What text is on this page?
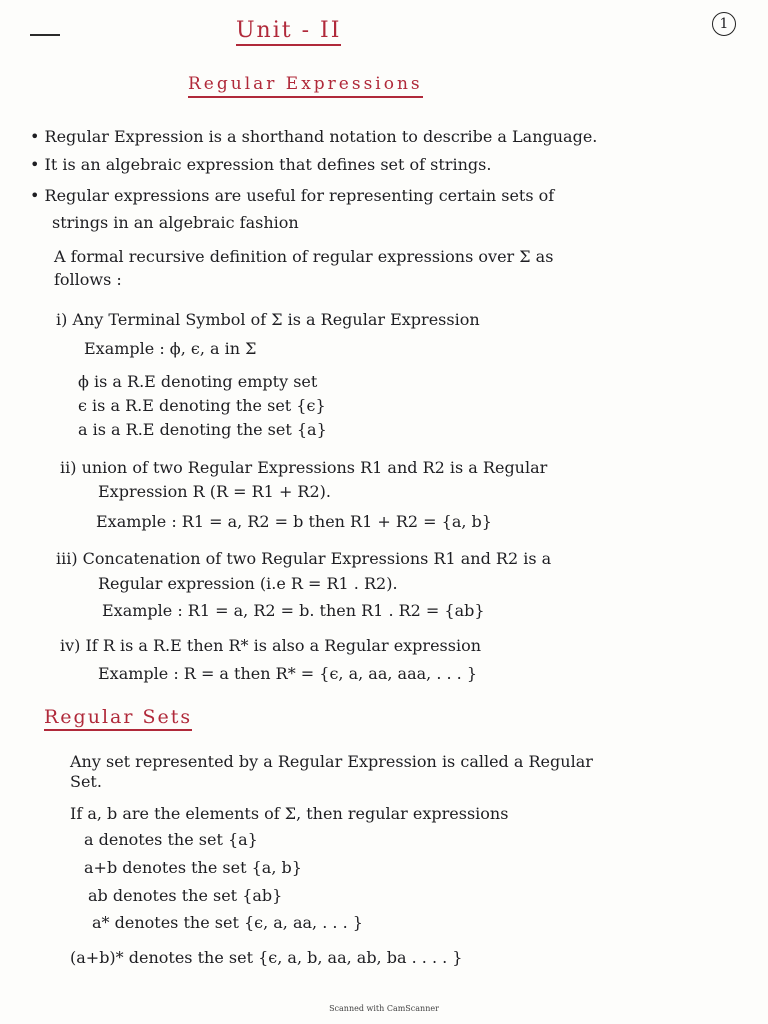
1
Unit - II
Regular Expressions
• Regular Expression is a shorthand notation to describe a Language.
• It is an algebraic expression that defines set of strings.
• Regular expressions are useful for representing certain sets of
strings in an algebraic fashion
A formal recursive definition of regular expressions over Σ as
follows :
i) Any Terminal Symbol of Σ is a Regular Expression
Example : ϕ, ϵ, a in Σ
ϕ is a R.E denoting empty set
ϵ is a R.E denoting the set {ϵ}
a is a R.E denoting the set {a}
ii) union of two Regular Expressions R1 and R2 is a Regular
Expression R (R = R1 + R2).
Example : R1 = a, R2 = b then R1 + R2 = {a, b}
iii) Concatenation of two Regular Expressions R1 and R2 is a
Regular expression (i.e R = R1 . R2).
Example : R1 = a, R2 = b. then R1 . R2 = {ab}
iv) If R is a R.E then R* is also a Regular expression
Example : R = a then R* = {ϵ, a, aa, aaa, . . . }
Any set represented by a Regular Expression is called a Regular
Set.
If a, b are the elements of Σ, then regular expressions
a denotes the set {a}
a+b denotes the set {a, b}
ab denotes the set {ab}
a* denotes the set {ϵ, a, aa, . . . }
(a+b)* denotes the set {ϵ, a, b, aa, ab, ba . . . . }
Regular Sets
Scanned with CamScanner
